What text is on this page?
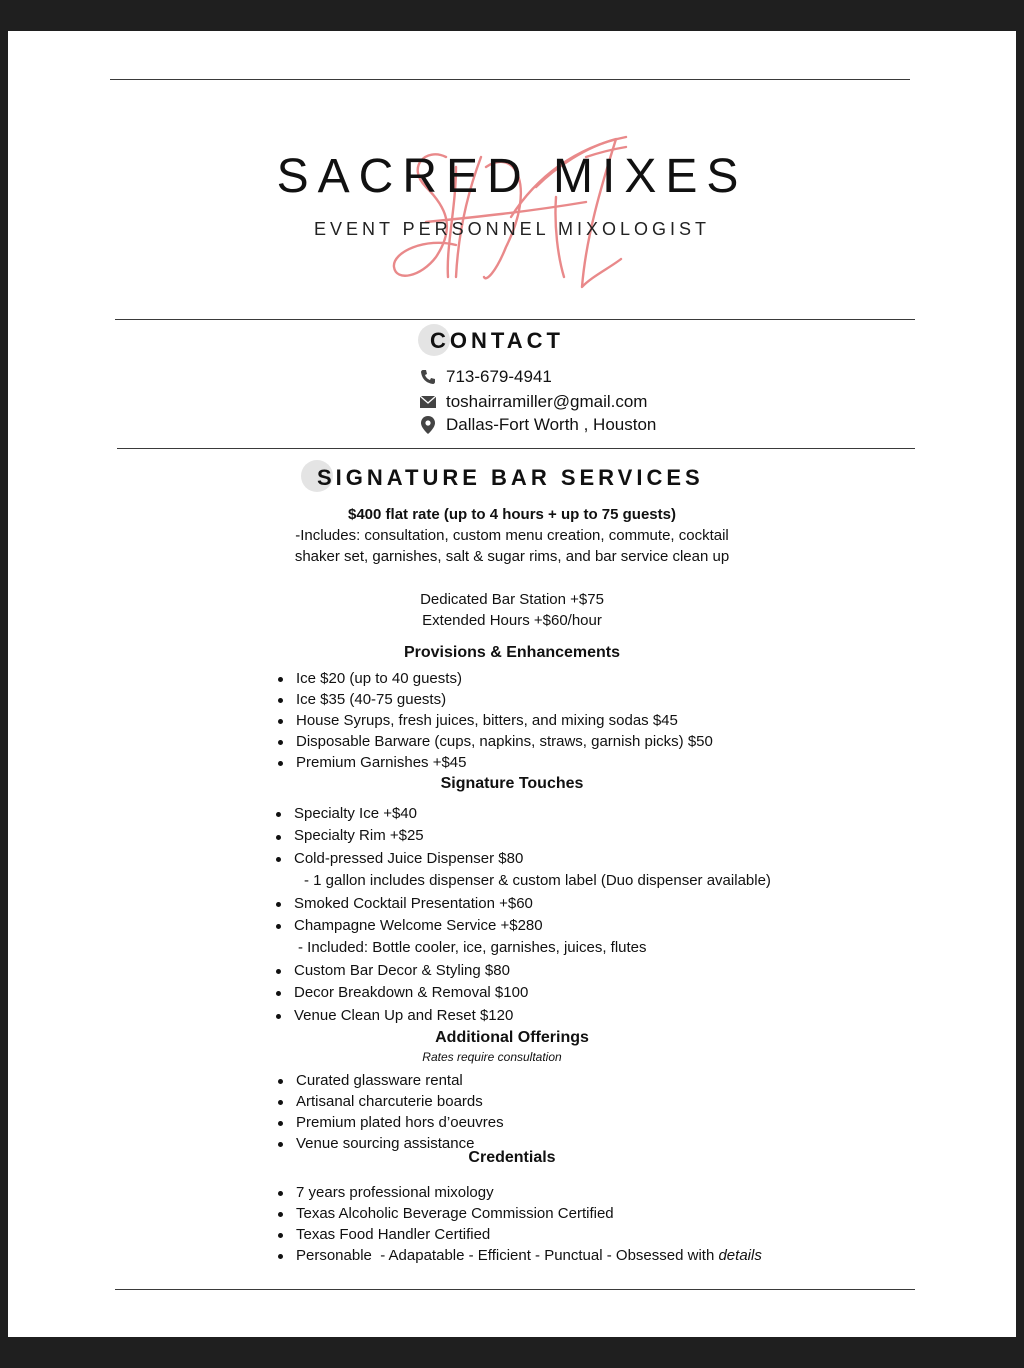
SACRED MIXES
EVENT PERSONNEL MIXOLOGIST
CONTACT
713-679-4941
toshairramiller@gmail.com
Dallas-Fort Worth , Houston
SIGNATURE BAR SERVICES
$400 flat rate (up to 4 hours + up to 75 guests)
-Includes: consultation, custom menu creation, commute, cocktail
shaker set, garnishes, salt & sugar rims, and bar service clean up
Dedicated Bar Station +$75
Extended Hours +$60/hour
Provisions & Enhancements
Ice $20 (up to 40 guests)
Ice $35 (40-75 guests)
House Syrups, fresh juices, bitters, and mixing sodas $45
Disposable Barware (cups, napkins, straws, garnish picks) $50
Premium Garnishes +$45
Signature Touches
Specialty Ice +$40
Specialty Rim +$25
Cold-pressed Juice Dispenser $80
- 1 gallon includes dispenser & custom label (Duo dispenser available)
Smoked Cocktail Presentation +$60
Champagne Welcome Service +$280
- Included: Bottle cooler, ice, garnishes, juices, flutes
Custom Bar Decor & Styling $80
Decor Breakdown & Removal $100
Venue Clean Up and Reset $120
Additional Offerings
Rates require consultation
Curated glassware rental
Artisanal charcuterie boards
Premium plated hors d’oeuvres
Venue sourcing assistance
Credentials
7 years professional mixology
Texas Alcoholic Beverage Commission Certified
Texas Food Handler Certified
Personable  - Adapatable - Efficient - Punctual - Obsessed with details
